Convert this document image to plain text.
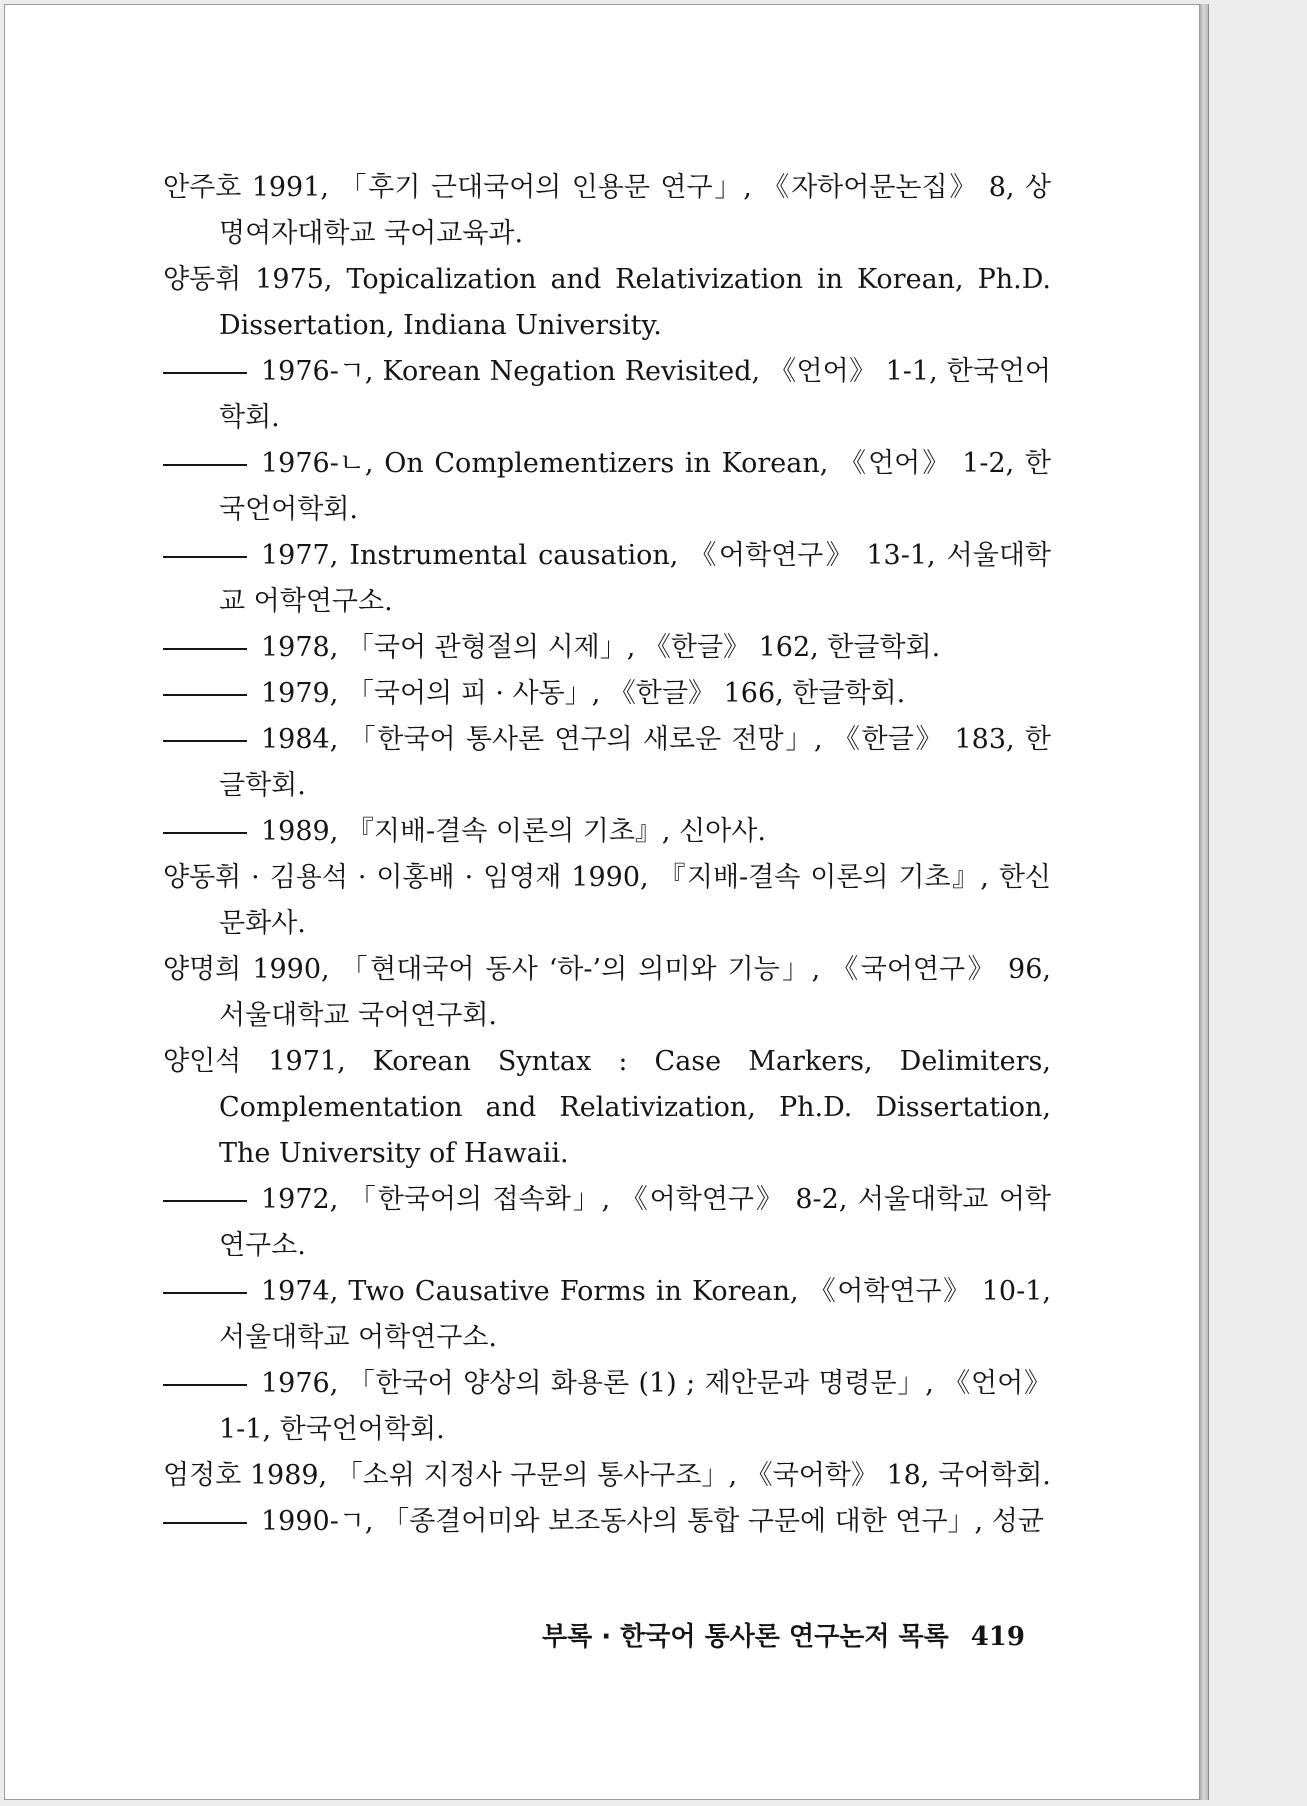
안주호 1991, 「후기 근대국어의 인용문 연구」, 《자하어문논집》 8, 상명여자대학교 국어교육과.

양동휘 1975, Topicalization and Relativization in Korean, Ph.D. Dissertation, Indiana University.

1976-ㄱ, Korean Negation Revisited, 《언어》 1-1, 한국언어학회.

1976-ㄴ, On Complementizers in Korean, 《언어》 1-2, 한국언어학회.

1977, Instrumental causation, 《어학연구》 13-1, 서울대학교 어학연구소.

1978, 「국어 관형절의 시제」, 《한글》 162, 한글학회.

1979, 「국어의 피 · 사동」, 《한글》 166, 한글학회.

1984, 「한국어 통사론 연구의 새로운 전망」, 《한글》 183, 한글학회.

1989, 『지배-결속 이론의 기초』, 신아사.

양동휘 · 김용석 · 이홍배 · 임영재 1990, 『지배-결속 이론의 기초』, 한신문화사.

양명희 1990, 「현대국어 동사 ‘하-’의 의미와 기능」, 《국어연구》 96, 서울대학교 국어연구회.

양인석 1971, Korean Syntax : Case Markers, Delimiters, Complementation and Relativization, Ph.D. Dissertation, The University of Hawaii.

1972, 「한국어의 접속화」, 《어학연구》 8-2, 서울대학교 어학연구소.

1974, Two Causative Forms in Korean, 《어학연구》 10-1, 서울대학교 어학연구소.

1976, 「한국어 양상의 화용론 (1) ; 제안문과 명령문」, 《언어》 1-1, 한국언어학회.

엄정호 1989, 「소위 지정사 구문의 통사구조」, 《국어학》 18, 국어학회.

1990-ㄱ, 「종결어미와 보조동사의 통합 구문에 대한 연구」, 성균

부록 · 한국어 통사론 연구논저 목록 419
